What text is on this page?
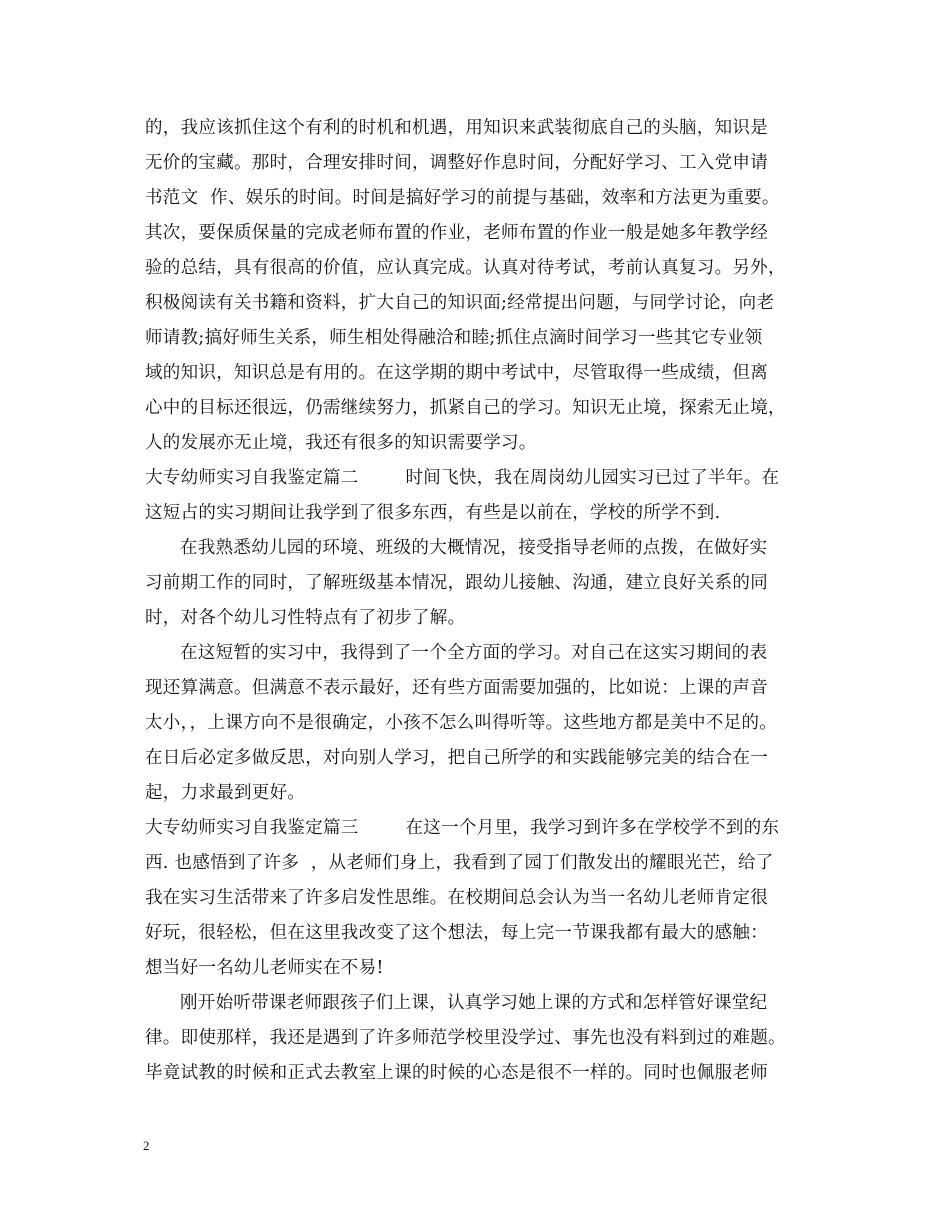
的，我应该抓住这个有利的时机和机遇，用知识来武装彻底自己的头脑，知识是
无价的宝藏。那时，合理安排时间，调整好作息时间，分配好学习、工入党申请
书范文  作、娱乐的时间。时间是搞好学习的前提与基础，效率和方法更为重要。
其次，要保质保量的完成老师布置的作业，老师布置的作业一般是她多年教学经
验的总结，具有很高的价值，应认真完成。认真对待考试，考前认真复习。另外，
积极阅读有关书籍和资料，扩大自己的知识面;经常提出问题，与同学讨论，向老
师请教;搞好师生关系，师生相处得融洽和睦;抓住点滴时间学习一些其它专业领
域的知识，知识总是有用的。在这学期的期中考试中，尽管取得一些成绩，但离
心中的目标还很远，仍需继续努力，抓紧自己的学习。知识无止境，探索无止境，
人的发展亦无止境，我还有很多的知识需要学习。
大专幼师实习自我鉴定篇二        时间飞快，我在周岗幼儿园实习已过了半年。在
这短占的实习期间让我学到了很多东西，有些是以前在，学校的所学不到.
在我熟悉幼儿园的环境、班级的大概情况，接受指导老师的点拨，在做好实
习前期工作的同时，了解班级基本情况，跟幼儿接触、沟通，建立良好关系的同
时，对各个幼儿习性特点有了初步了解。
在这短暂的实习中，我得到了一个全方面的学习。对自己在这实习期间的表
现还算满意。但满意不表示最好，还有些方面需要加强的，比如说：上课的声音
太小，，上课方向不是很确定，小孩不怎么叫得听等。这些地方都是美中不足的。
在日后必定多做反思，对向别人学习，把自己所学的和实践能够完美的结合在一
起，力求最到更好。
大专幼师实习自我鉴定篇三        在这一个月里，我学习到许多在学校学不到的东
西. 也感悟到了许多  ，从老师们身上，我看到了园丁们散发出的耀眼光芒，给了
我在实习生活带来了许多启发性思维。在校期间总会认为当一名幼儿老师肯定很
好玩，很轻松，但在这里我改变了这个想法，每上完一节课我都有最大的感触：
想当好一名幼儿老师实在不易!
刚开始听带课老师跟孩子们上课，认真学习她上课的方式和怎样管好课堂纪
律。即使那样，我还是遇到了许多师范学校里没学过、事先也没有料到过的难题。
毕竟试教的时候和正式去教室上课的时候的心态是很不一样的。同时也佩服老师
2
